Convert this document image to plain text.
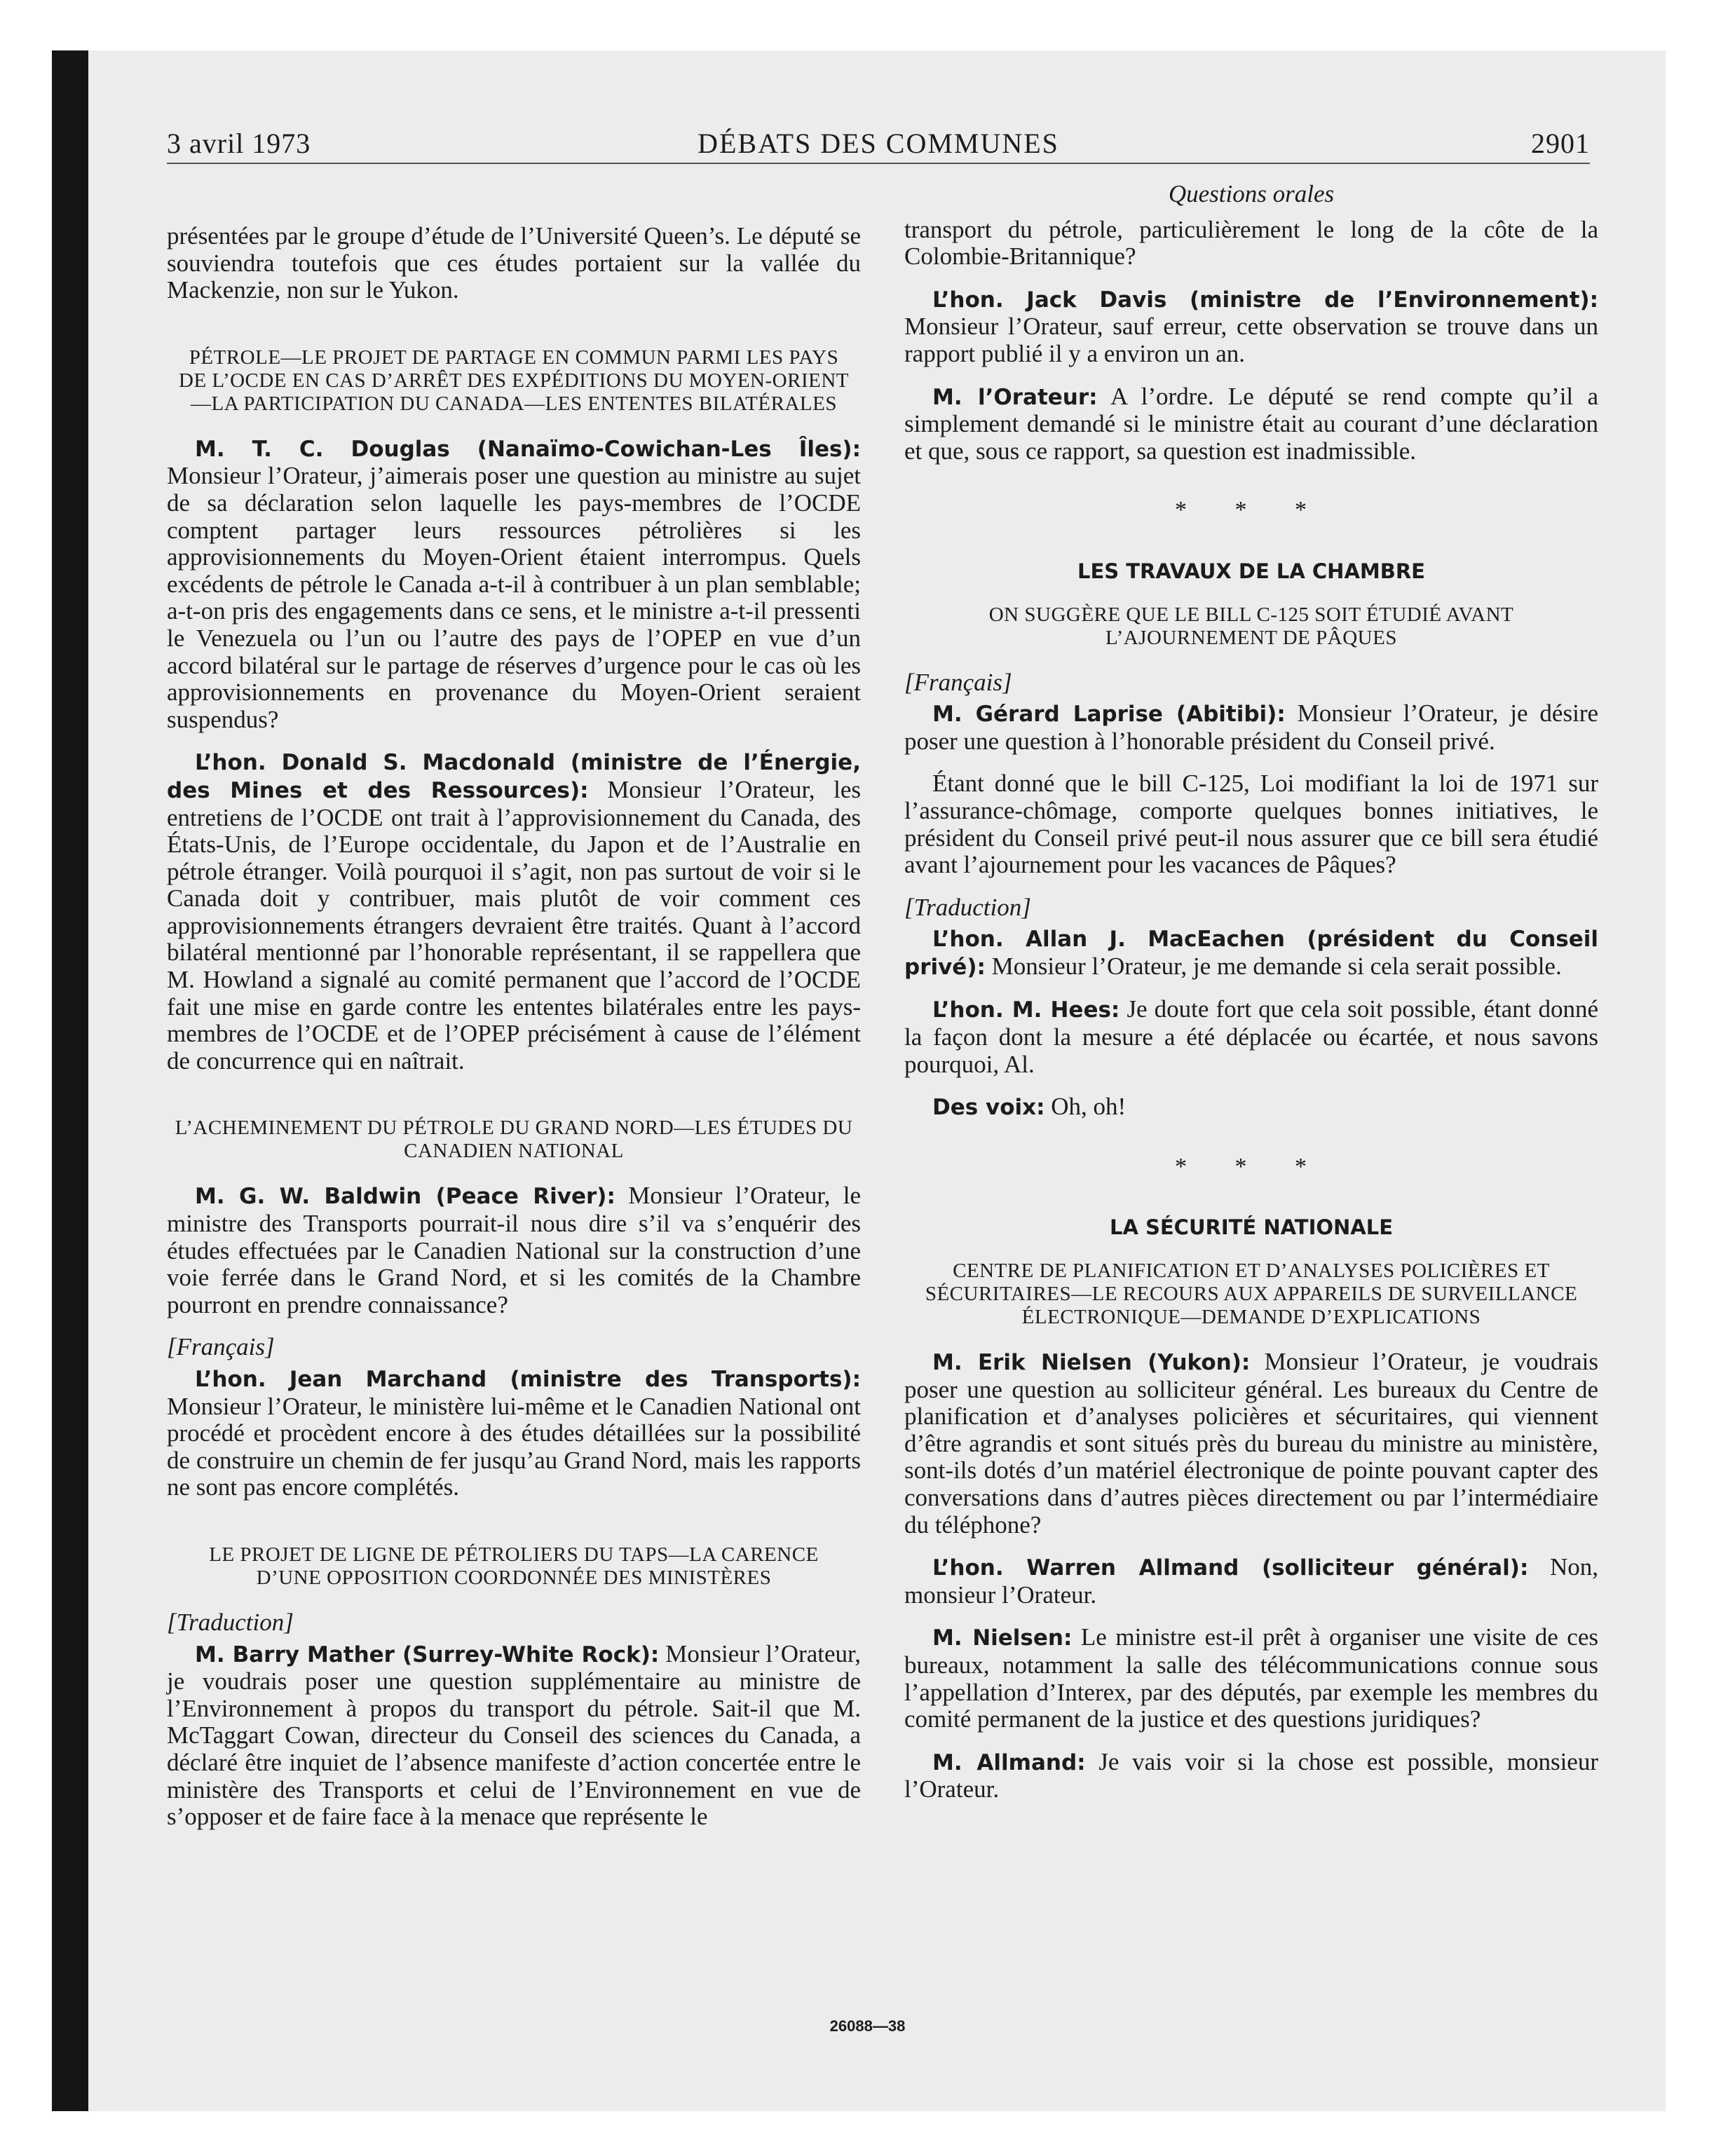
3 avril 1973	DÉBATS DES COMMUNES	2901

présentées par le groupe d’étude de l’Université Queen’s. Le député se souviendra toutefois que ces études portaient sur la vallée du Mackenzie, non sur le Yukon.

PÉTROLE—LE PROJET DE PARTAGE EN COMMUN PARMI LES PAYS DE L’OCDE EN CAS D’ARRÊT DES EXPÉDITIONS DU MOYEN-ORIENT—LA PARTICIPATION DU CANADA—LES ENTENTES BILATÉRALES

M. T. C. Douglas (Nanaïmo-Cowichan-Les Îles): Monsieur l’Orateur, j’aimerais poser une question au ministre au sujet de sa déclaration selon laquelle les pays-membres de l’OCDE comptent partager leurs ressources pétrolières si les approvisionnements du Moyen-Orient étaient interrompus. Quels excédents de pétrole le Canada a-t-il à contribuer à un plan semblable; a-t-on pris des engagements dans ce sens, et le ministre a-t-il pressenti le Venezuela ou l’un ou l’autre des pays de l’OPEP en vue d’un accord bilatéral sur le partage de réserves d’urgence pour le cas où les approvisionnements en provenance du Moyen-Orient seraient suspendus?

L’hon. Donald S. Macdonald (ministre de l’Énergie, des Mines et des Ressources): Monsieur l’Orateur, les entretiens de l’OCDE ont trait à l’approvisionnement du Canada, des États-Unis, de l’Europe occidentale, du Japon et de l’Australie en pétrole étranger. Voilà pourquoi il s’agit, non pas surtout de voir si le Canada doit y contribuer, mais plutôt de voir comment ces approvisionnements étrangers devraient être traités. Quant à l’accord bilatéral mentionné par l’honorable représentant, il se rappellera que M. Howland a signalé au comité permanent que l’accord de l’OCDE fait une mise en garde contre les ententes bilatérales entre les pays-membres de l’OCDE et de l’OPEP précisément à cause de l’élément de concurrence qui en naîtrait.

L’ACHEMINEMENT DU PÉTROLE DU GRAND NORD—LES ÉTUDES DU CANADIEN NATIONAL

M. G. W. Baldwin (Peace River): Monsieur l’Orateur, le ministre des Transports pourrait-il nous dire s’il va s’enquérir des études effectuées par le Canadien National sur la construction d’une voie ferrée dans le Grand Nord, et si les comités de la Chambre pourront en prendre connaissance?

[Français]

L’hon. Jean Marchand (ministre des Transports): Monsieur l’Orateur, le ministère lui-même et le Canadien National ont procédé et procèdent encore à des études détaillées sur la possibilité de construire un chemin de fer jusqu’au Grand Nord, mais les rapports ne sont pas encore complétés.

LE PROJET DE LIGNE DE PÉTROLIERS DU TAPS—LA CARENCE D’UNE OPPOSITION COORDONNÉE DES MINISTÈRES
[Traduction]

M. Barry Mather (Surrey-White Rock): Monsieur l’Orateur, je voudrais poser une question supplémentaire au ministre de l’Environnement à propos du transport du pétrole. Sait-il que M. McTaggart Cowan, directeur du Conseil des sciences du Canada, a déclaré être inquiet de l’absence manifeste d’action concertée entre le ministère des Transports et celui de l’Environnement en vue de s’opposer et de faire face à la menace que représente le

Questions orales

transport du pétrole, particulièrement le long de la côte de la Colombie-Britannique?

L’hon. Jack Davis (ministre de l’Environnement): Monsieur l’Orateur, sauf erreur, cette observation se trouve dans un rapport publié il y a environ un an.

M. l’Orateur: A l’ordre. Le député se rend compte qu’il a simplement demandé si le ministre était au courant d’une déclaration et que, sous ce rapport, sa question est inadmissible.

* * *
LES TRAVAUX DE LA CHAMBRE
ON SUGGÈRE QUE LE BILL C-125 SOIT ÉTUDIÉ AVANT L’AJOURNEMENT DE PÂQUES
[Français]

M. Gérard Laprise (Abitibi): Monsieur l’Orateur, je désire poser une question à l’honorable président du Conseil privé.

Étant donné que le bill C-125, Loi modifiant la loi de 1971 sur l’assurance-chômage, comporte quelques bonnes initiatives, le président du Conseil privé peut-il nous assurer que ce bill sera étudié avant l’ajournement pour les vacances de Pâques?

[Traduction]

L’hon. Allan J. MacEachen (président du Conseil privé): Monsieur l’Orateur, je me demande si cela serait possible.

L’hon. M. Hees: Je doute fort que cela soit possible, étant donné la façon dont la mesure a été déplacée ou écartée, et nous savons pourquoi, Al.

Des voix: Oh, oh!

* * *
LA SÉCURITÉ NATIONALE
CENTRE DE PLANIFICATION ET D’ANALYSES POLICIÈRES ET SÉCURITAIRES—LE RECOURS AUX APPAREILS DE SURVEILLANCE ÉLECTRONIQUE—DEMANDE D’EXPLICATIONS

M. Erik Nielsen (Yukon): Monsieur l’Orateur, je voudrais poser une question au solliciteur général. Les bureaux du Centre de planification et d’analyses policières et sécuritaires, qui viennent d’être agrandis et sont situés près du bureau du ministre au ministère, sont-ils dotés d’un matériel électronique de pointe pouvant capter des conversations dans d’autres pièces directement ou par l’intermédiaire du téléphone?

L’hon. Warren Allmand (solliciteur général): Non, monsieur l’Orateur.

M. Nielsen: Le ministre est-il prêt à organiser une visite de ces bureaux, notamment la salle des télécommunications connue sous l’appellation d’Interex, par des députés, par exemple les membres du comité permanent de la justice et des questions juridiques?

M. Allmand: Je vais voir si la chose est possible, monsieur l’Orateur.

26088—38
